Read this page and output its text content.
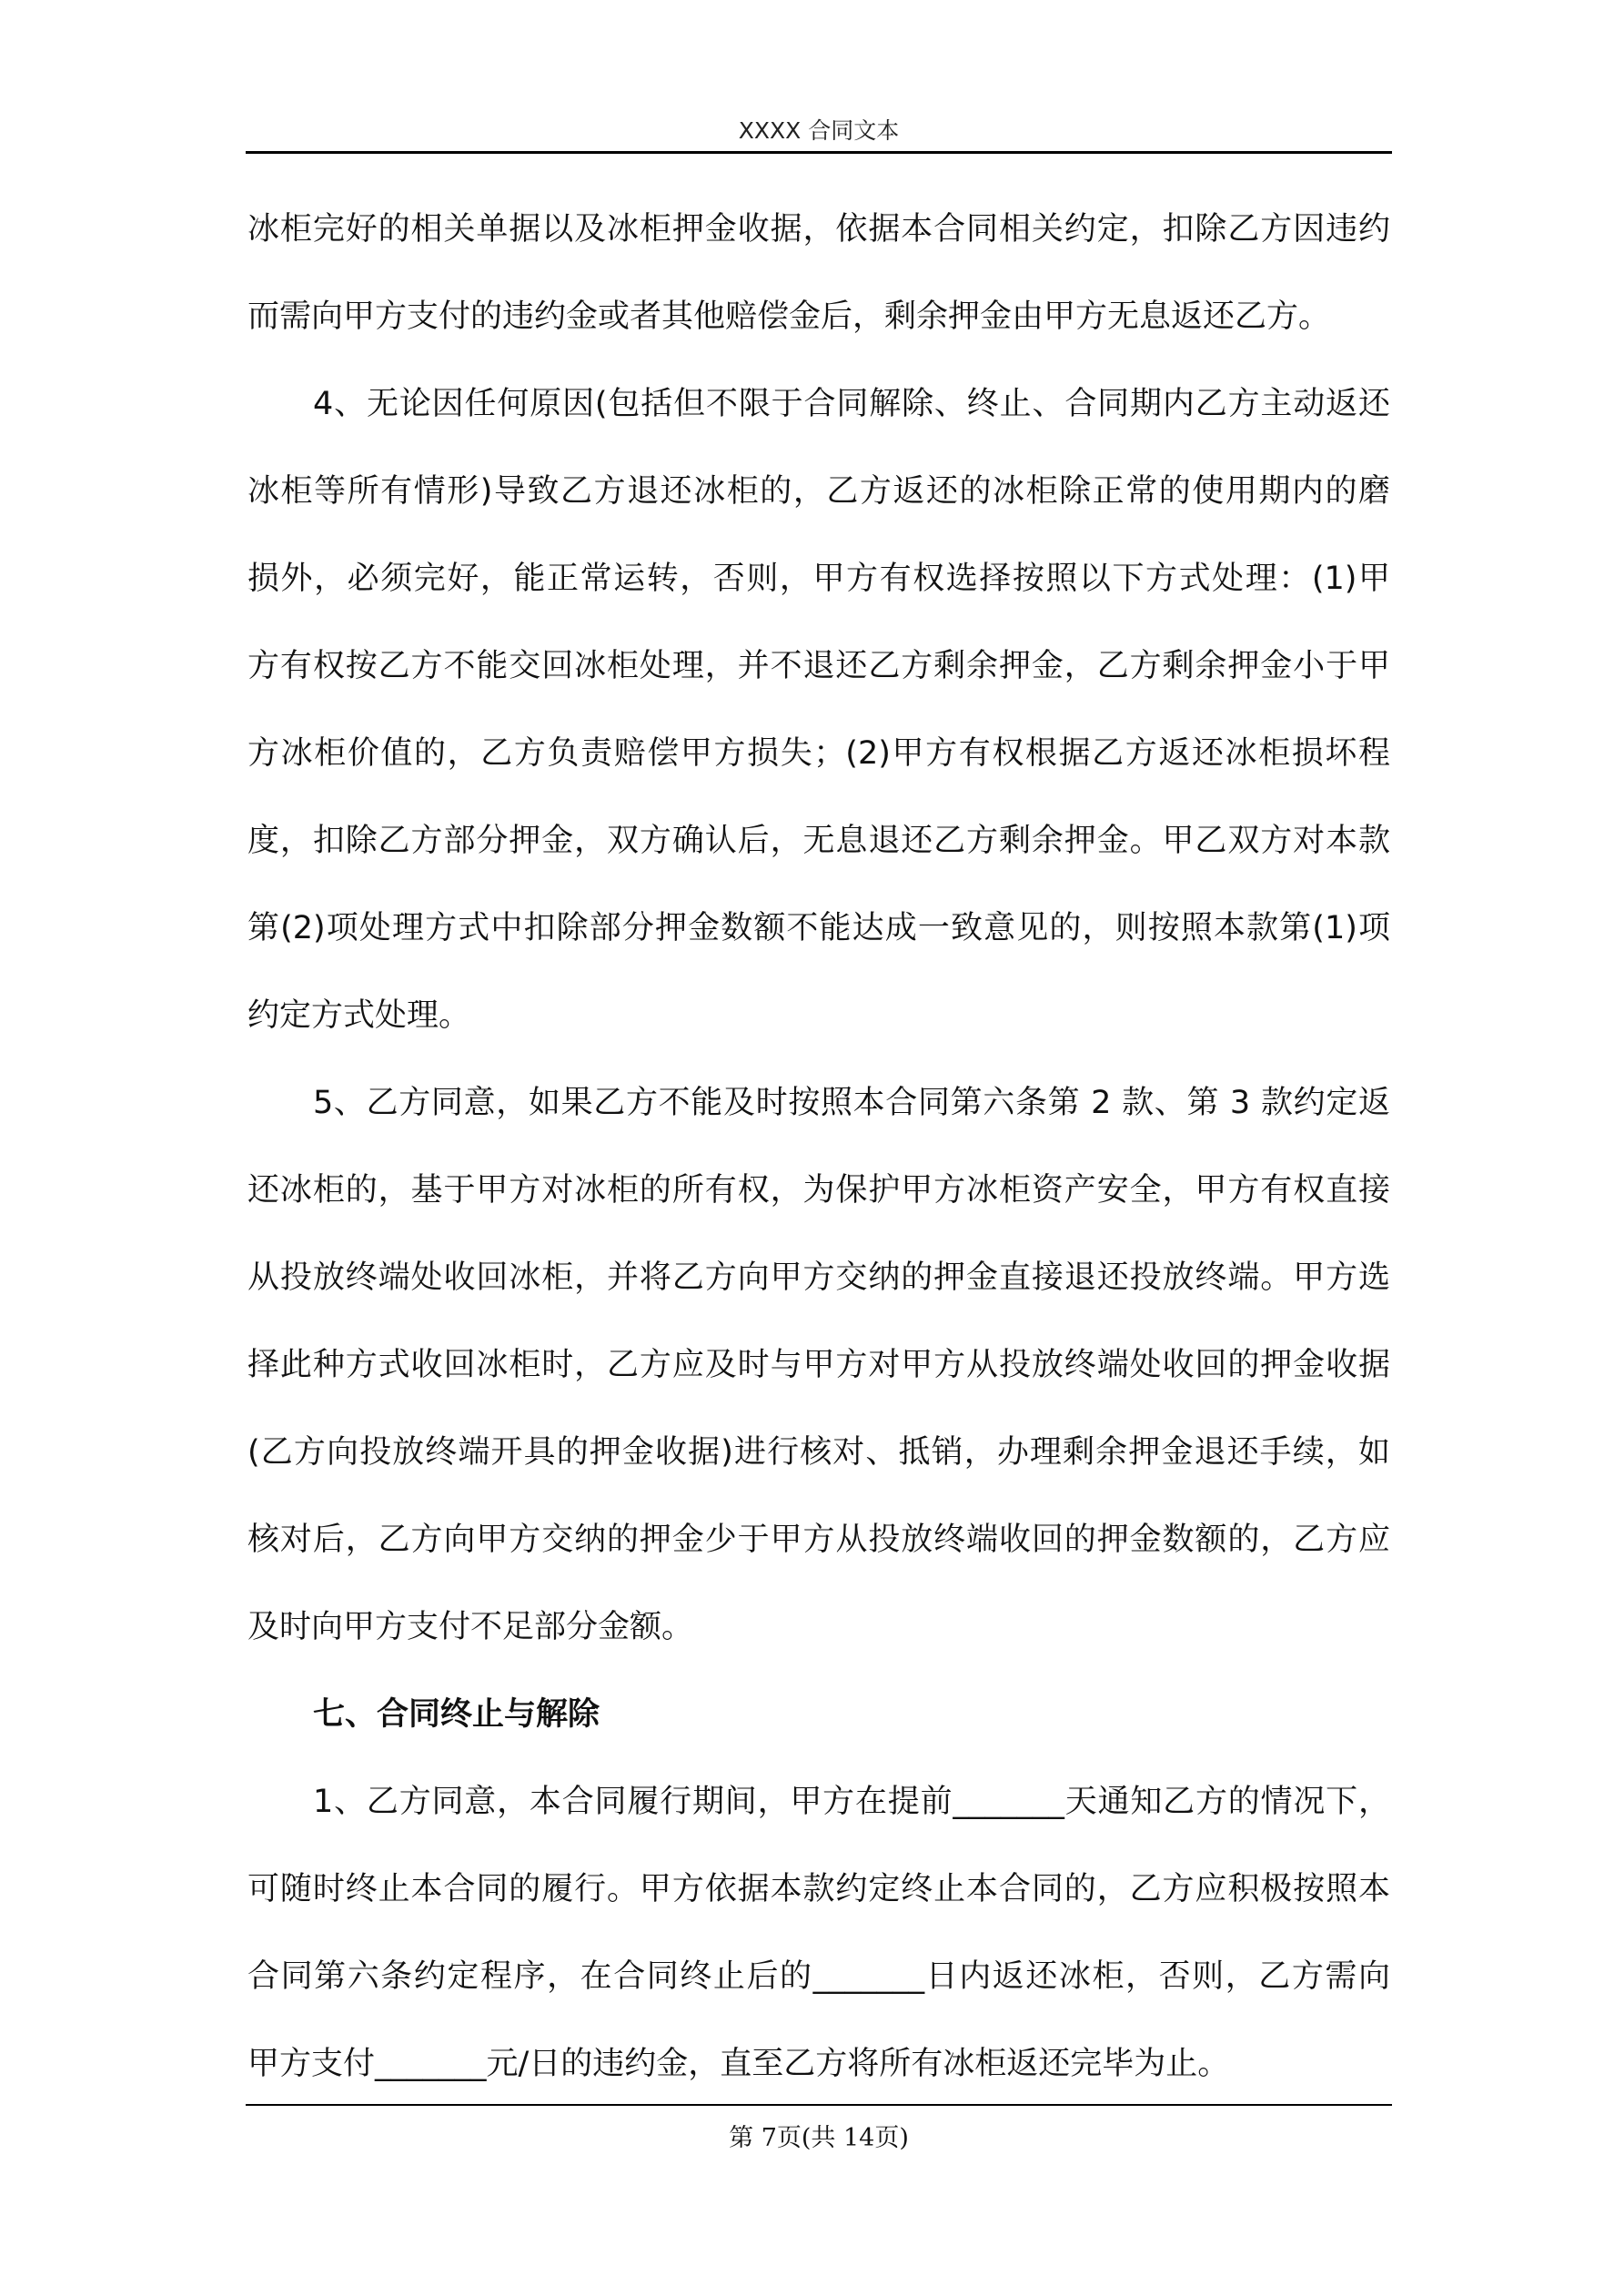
XXXX 合同文本
冰柜完好的相关单据以及冰柜押金收据，依据本合同相关约定，扣除乙方因违约
而需向甲方支付的违约金或者其他赔偿金后，剩余押金由甲方无息返还乙方。
4、无论因任何原因(包括但不限于合同解除、终止、合同期内乙方主动返还
冰柜等所有情形)导致乙方退还冰柜的，乙方返还的冰柜除正常的使用期内的磨
损外，必须完好，能正常运转，否则，甲方有权选择按照以下方式处理：(1)甲
方有权按乙方不能交回冰柜处理，并不退还乙方剩余押金，乙方剩余押金小于甲
方冰柜价值的，乙方负责赔偿甲方损失；(2)甲方有权根据乙方返还冰柜损坏程
度，扣除乙方部分押金，双方确认后，无息退还乙方剩余押金。甲乙双方对本款
第(2)项处理方式中扣除部分押金数额不能达成一致意见的，则按照本款第(1)项
约定方式处理。
5、乙方同意，如果乙方不能及时按照本合同第六条第 2 款、第 3 款约定返
还冰柜的，基于甲方对冰柜的所有权，为保护甲方冰柜资产安全，甲方有权直接
从投放终端处收回冰柜，并将乙方向甲方交纳的押金直接退还投放终端。甲方选
择此种方式收回冰柜时，乙方应及时与甲方对甲方从投放终端处收回的押金收据
(乙方向投放终端开具的押金收据)进行核对、抵销，办理剩余押金退还手续，如
核对后，乙方向甲方交纳的押金少于甲方从投放终端收回的押金数额的，乙方应
及时向甲方支付不足部分金额。
七、合同终止与解除
1、乙方同意，本合同履行期间，甲方在提前_______天通知乙方的情况下，
可随时终止本合同的履行。甲方依据本款约定终止本合同的，乙方应积极按照本
合同第六条约定程序，在合同终止后的_______日内返还冰柜，否则，乙方需向
甲方支付_______元/日的违约金，直至乙方将所有冰柜返还完毕为止。
第 7页(共 14页)
